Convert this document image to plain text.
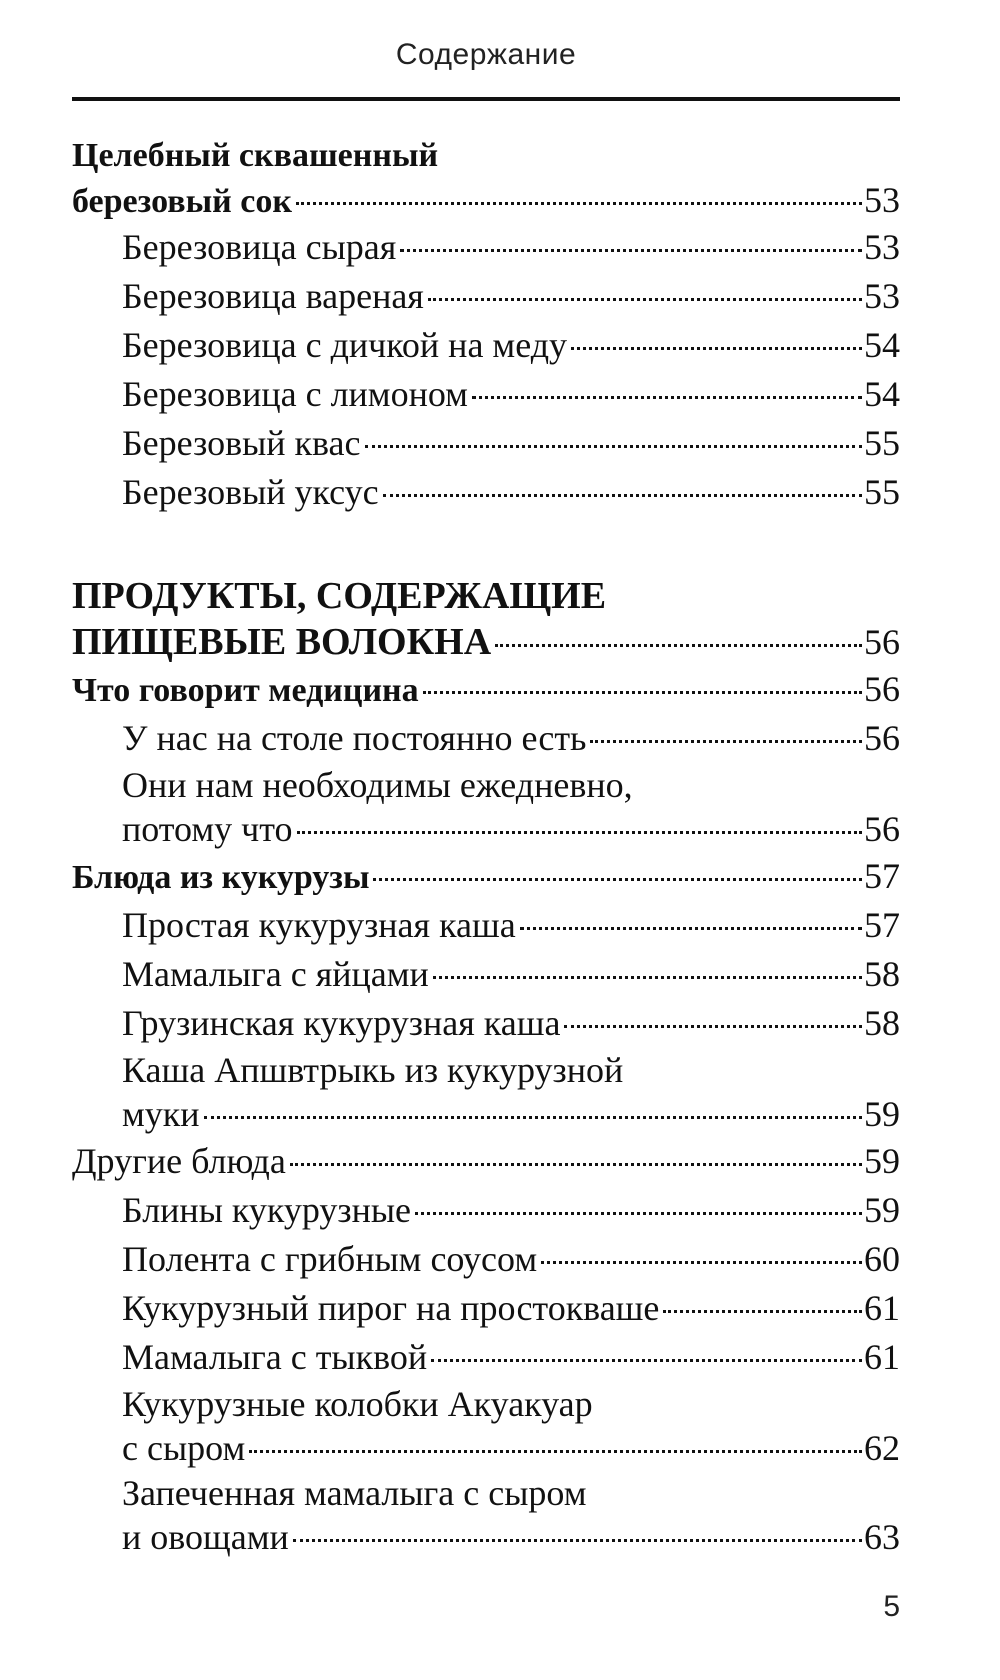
Содержание
Целебный сквашенный
березовый сок	53
Березовица сырая	53
Березовица вареная	53
Березовица с дичкой на меду	54
Березовица с лимоном	54
Березовый квас	55
Березовый уксус	55
ПРОДУКТЫ, СОДЕРЖАЩИЕ
ПИЩЕВЫЕ ВОЛОКНА	56
Что говорит медицина	56
У нас на столе постоянно есть	56
Они нам необходимы ежедневно,
потому что	56
Блюда из кукурузы	57
Простая кукурузная каша	57
Мамалыга с яйцами	58
Грузинская кукурузная каша	58
Каша Апшвтрыкь из кукурузной
муки	59
Другие блюда	59
Блины кукурузные	59
Полента с грибным соусом	60
Кукурузный пирог на простокваше	61
Мамалыга с тыквой	61
Кукурузные колобки Акуакуар
с сыром	62
Запеченная мамалыга с сыром
и овощами	63
5
